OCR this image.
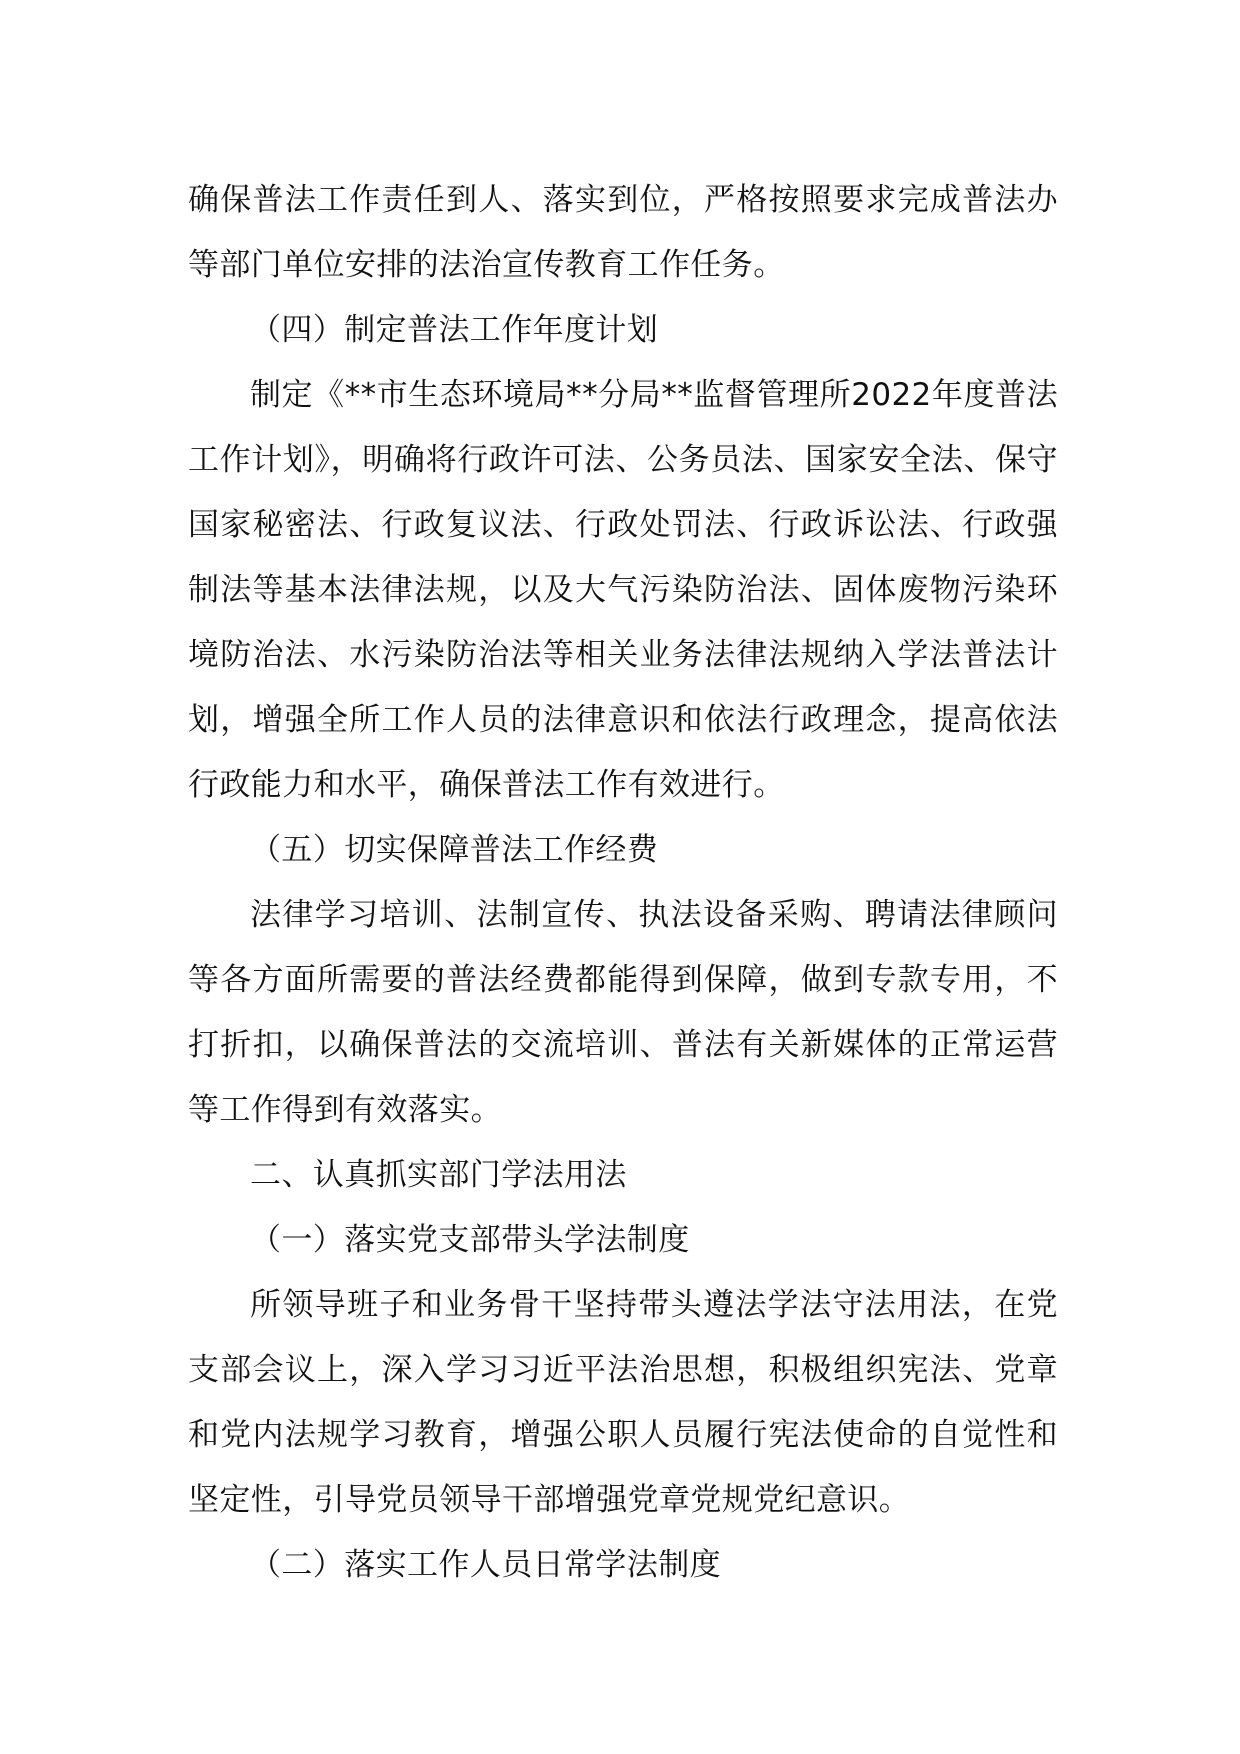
确保普法工作责任到人、落实到位，严格按照要求完成普法办等部门单位安排的法治宣传教育工作任务。

（四）制定普法工作年度计划

制定《**市生态环境局**分局**监督管理所2022年度普法工作计划》，明确将行政许可法、公务员法、国家安全法、保守国家秘密法、行政复议法、行政处罚法、行政诉讼法、行政强制法等基本法律法规，以及大气污染防治法、固体废物污染环境防治法、水污染防治法等相关业务法律法规纳入学法普法计划，增强全所工作人员的法律意识和依法行政理念，提高依法行政能力和水平，确保普法工作有效进行。

（五）切实保障普法工作经费

法律学习培训、法制宣传、执法设备采购、聘请法律顾问等各方面所需要的普法经费都能得到保障，做到专款专用，不打折扣，以确保普法的交流培训、普法有关新媒体的正常运营等工作得到有效落实。

二、认真抓实部门学法用法

（一）落实党支部带头学法制度

所领导班子和业务骨干坚持带头遵法学法守法用法，在党支部会议上，深入学习习近平法治思想，积极组织宪法、党章和党内法规学习教育，增强公职人员履行宪法使命的自觉性和坚定性，引导党员领导干部增强党章党规党纪意识。

（二）落实工作人员日常学法制度
